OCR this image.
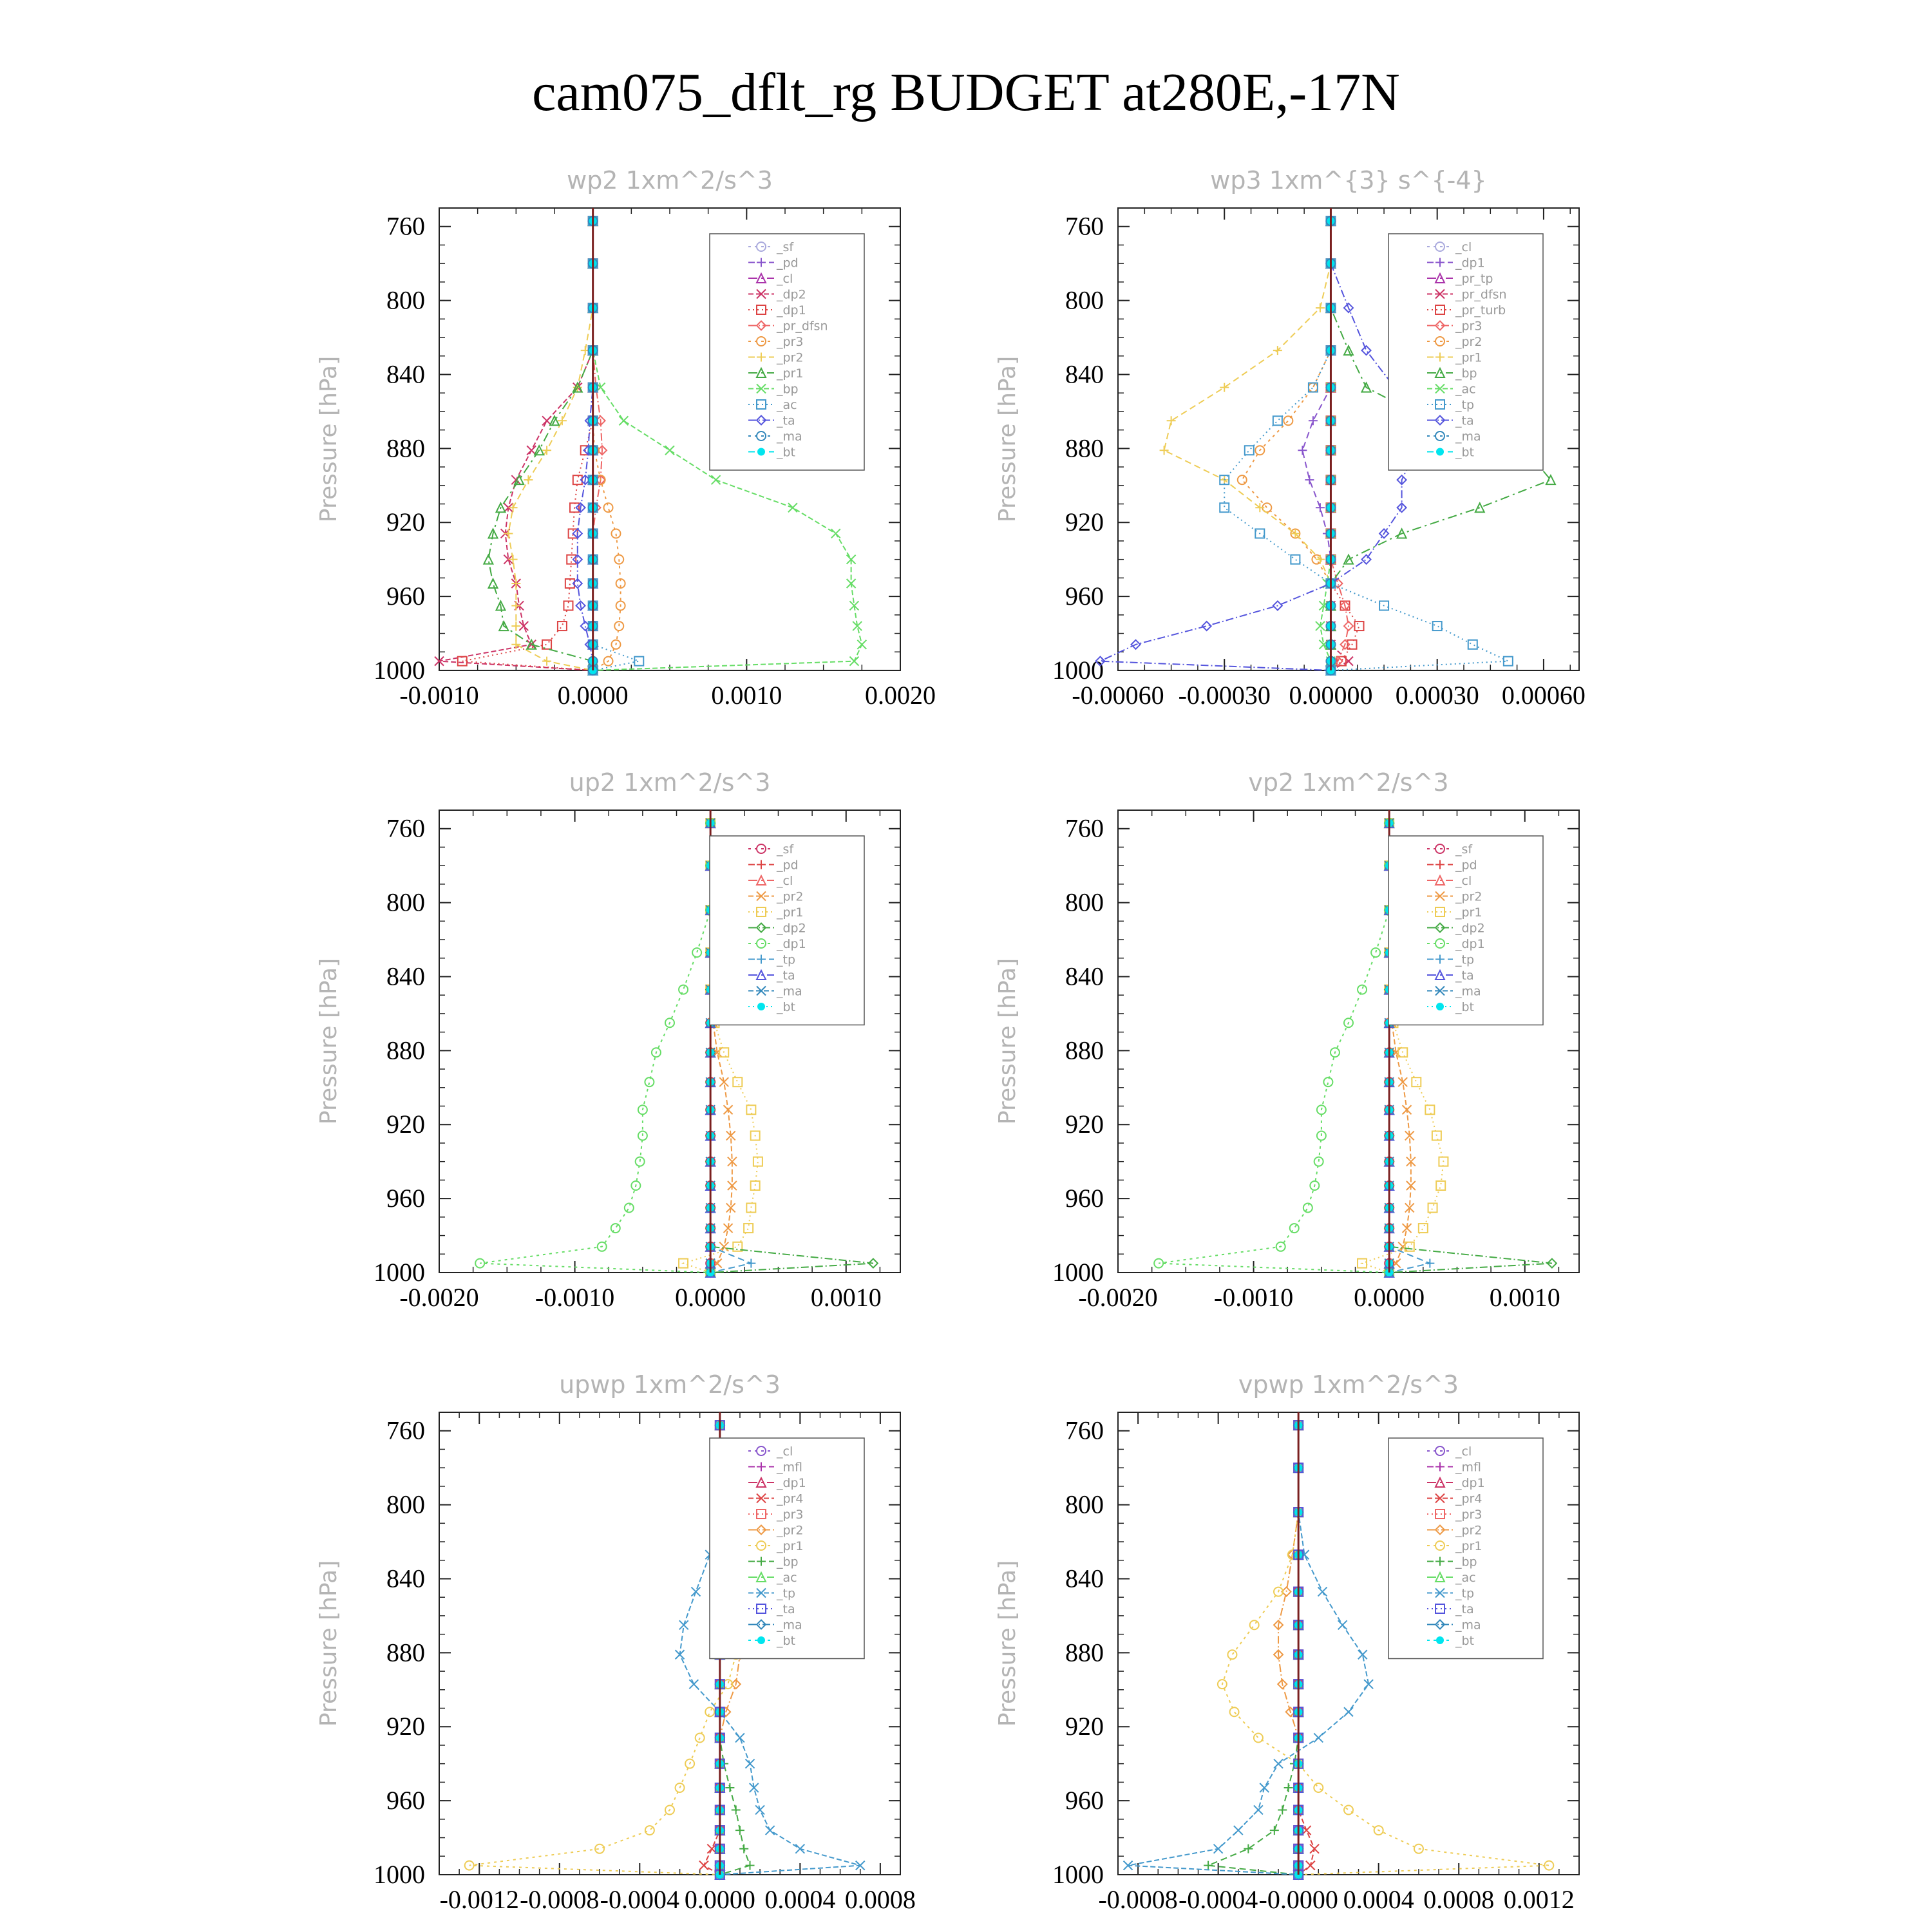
cam075_dflt_rg BUDGET at280E,-17N
wp2 1xm^2/s^3
Pressure [hPa]
760
800
840
880
920
960
1000
-0.0010	0.0000	0.0010	0.0020
_sf
_pd
_cl
_dp2
_dp1
_pr_dfsn
_pr3
_pr2
_pr1
_bp
_ac
_ta
_ma
_bt
wp3 1xm^{3} s^{-4}
Pressure [hPa]
760
800
840
880
920
960
1000
-0.00060 -0.00030 0.00000 0.00030 0.00060
_cl
_dp1
_pr_tp
_pr_dfsn
_pr_turb
_pr3
_pr2
_pr1
_bp
_ac
_tp
_ta
_ma
_bt
up2 1xm^2/s^3
Pressure [hPa]
760
800
840
880
920
960
1000
-0.0020 -0.0010 0.0000	0.0010
_sf
_pd
_cl
_pr2
_pr1
_dp2
_dp1
_tp
_ta
_ma
_bt
vp2 1xm^2/s^3
Pressure [hPa]
760
800
840
880
920
960
1000
-0.0020 -0.0010 0.0000	0.0010
_sf
_pd
_cl
_pr2
_pr1
_dp2
_dp1
_tp
_ta
_ma
_bt
upwp 1xm^2/s^3
Pressure [hPa]
760
800
840
880
920
960
1000
-0.0012 -0.0008 -0.0004 0.0000 0.0004 0.0008
_cl
_mfl
_dp1
_pr4
_pr3
_pr2
_pr1
_bp
_ac
_tp
_ta
_ma
_bt
vpwp 1xm^2/s^3
Pressure [hPa]
760
800
840
880
920
960
1000
-0.0008 -0.0004 -0.0000 0.0004 0.0008 0.0012
_cl
_mfl
_dp1
_pr4
_pr3
_pr2
_pr1
_bp
_ac
_tp
_ta
_ma
_bt
